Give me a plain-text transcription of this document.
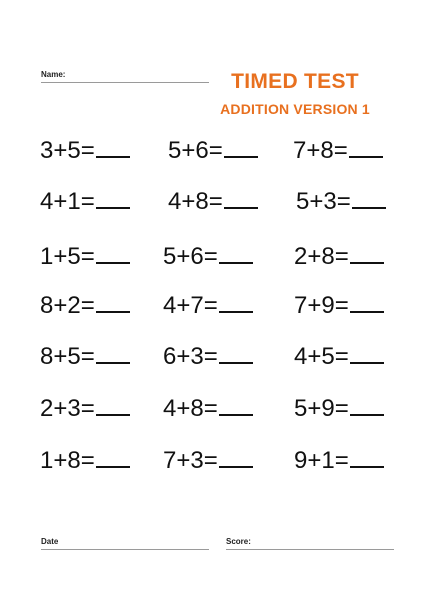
Name:	TIMED TEST
ADDITION VERSION 1
3+5=	5+6=	7+8=
4+1=	4+8=	5+3=
1+5=	5+6=	2+8=
8+2=	4+7=	7+9=
8+5=	6+3=	4+5=
2+3=	4+8=	5+9=
1+8=	7+3=	9+1=
Date	Score:
